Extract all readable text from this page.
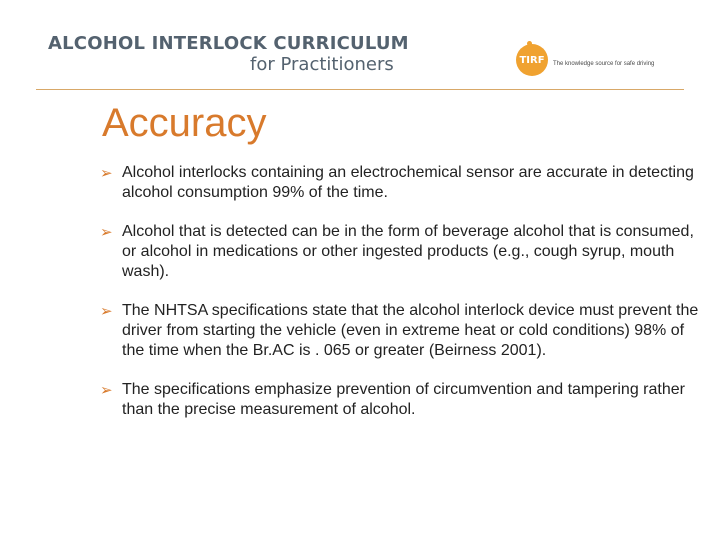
ALCOHOL INTERLOCK CURRICULUM
for Practitioners	TIRF The knowledge source for safe driving
Accuracy
➢ Alcohol interlocks containing an electrochemical sensor are accurate in detecting alcohol consumption 99% of the time.
➢ Alcohol that is detected can be in the form of beverage alcohol that is consumed, or alcohol in medications or other ingested products (e.g., cough syrup, mouth wash).
➢ The NHTSA specifications state that the alcohol interlock device must prevent the driver from starting the vehicle (even in extreme heat or cold conditions) 98% of the time when the Br.AC is . 065 or greater (Beirness 2001).
➢ The specifications emphasize prevention of circumvention and tampering rather than the precise measurement of alcohol.
